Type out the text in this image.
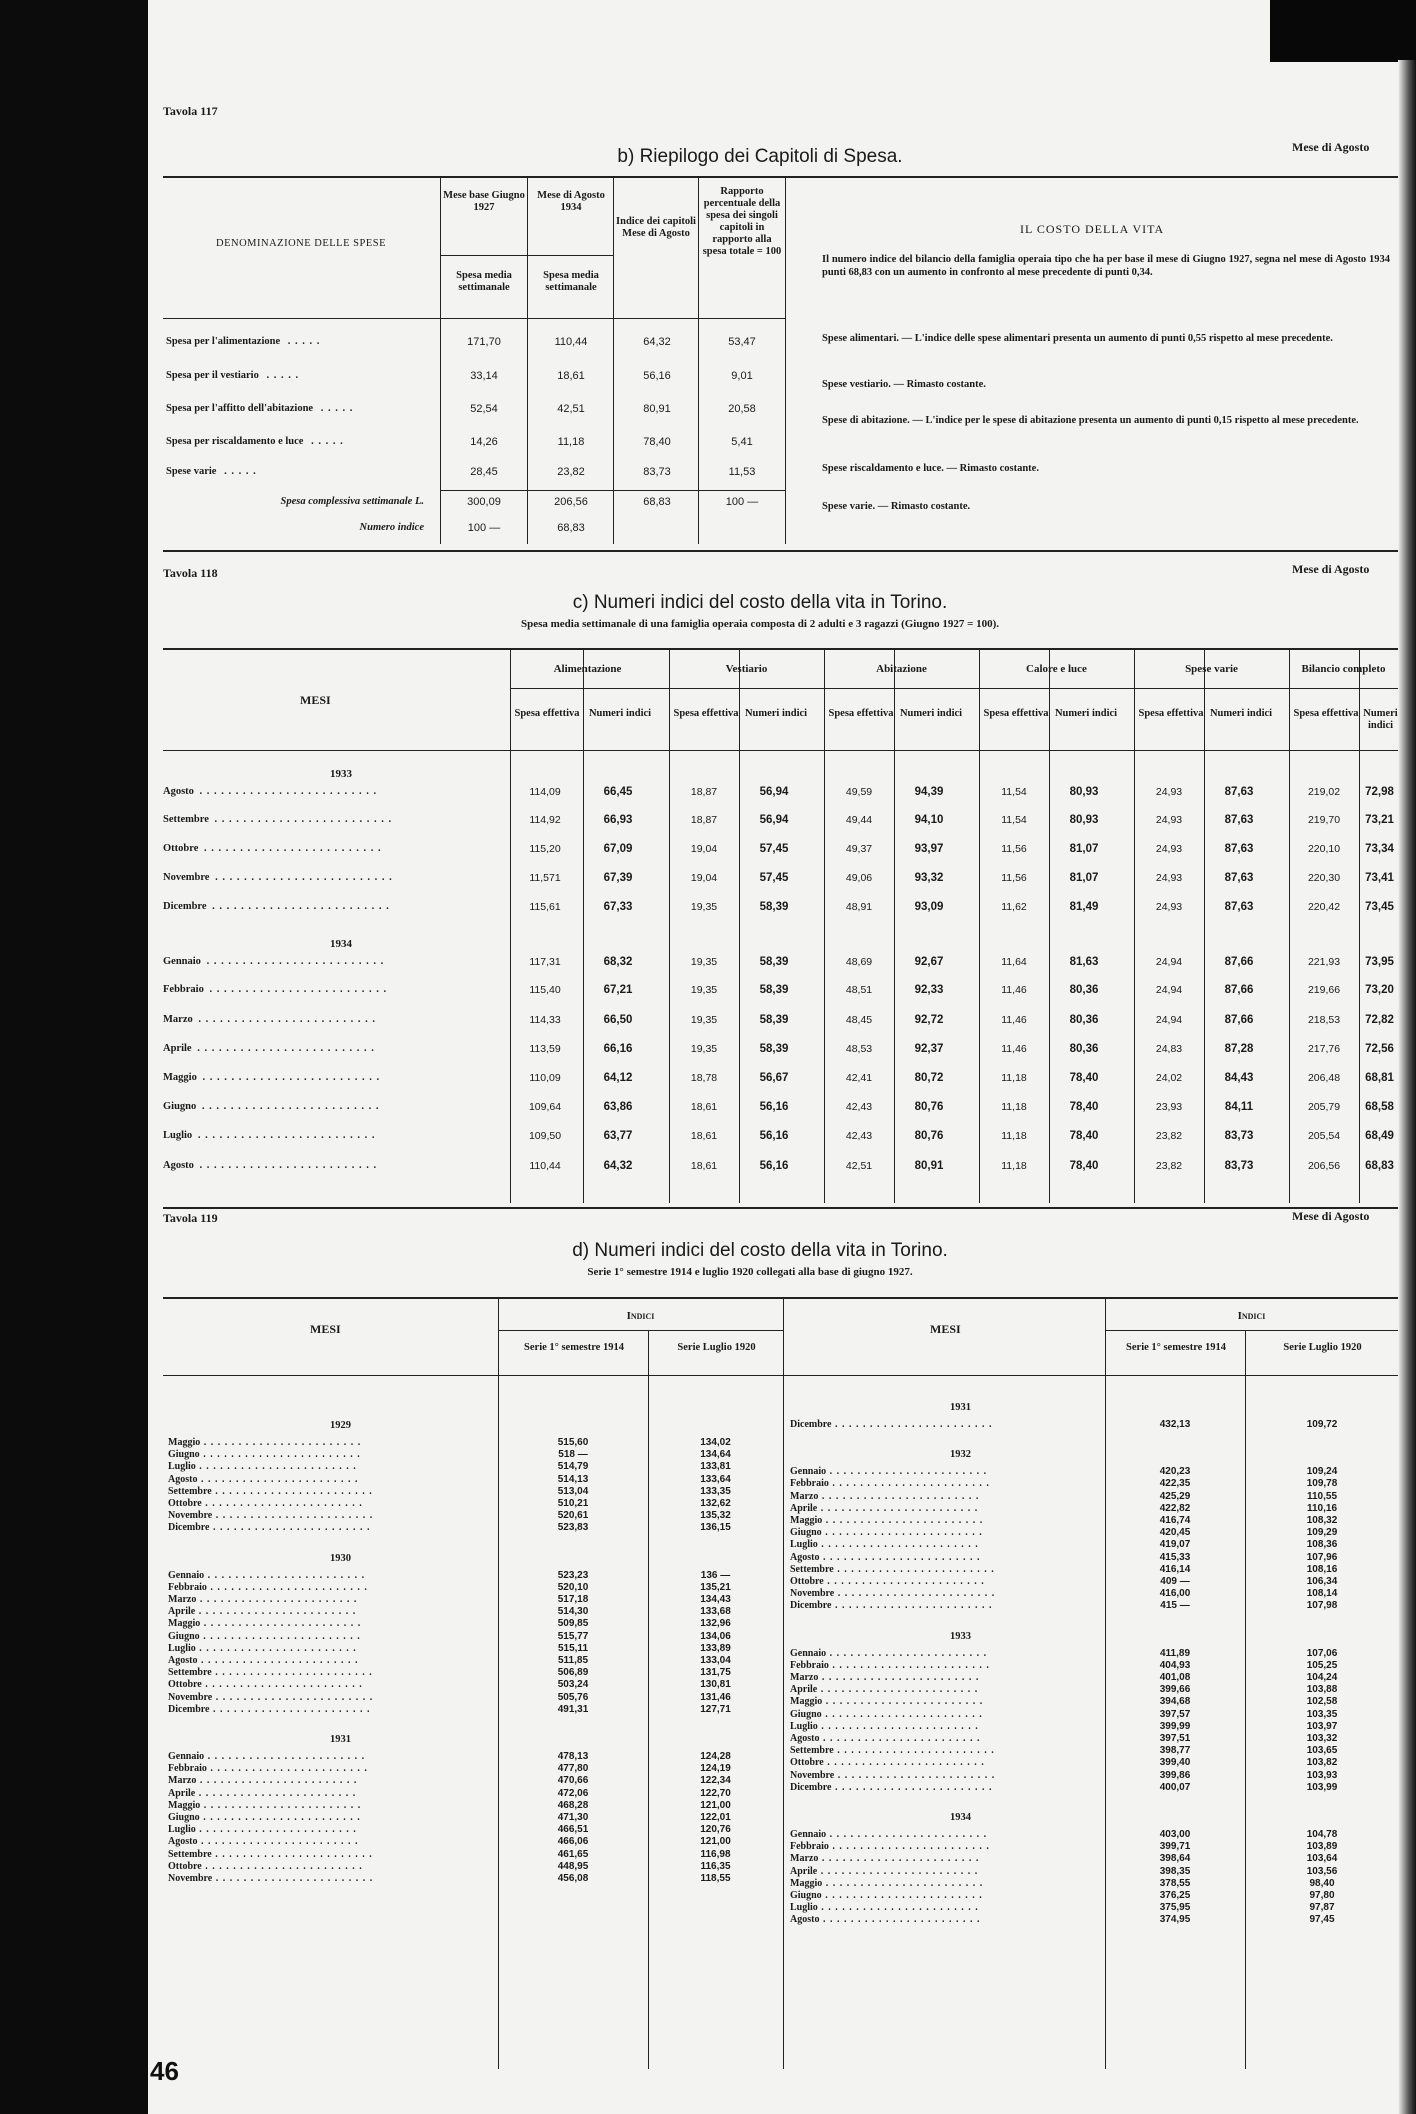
Tavola 117
Mese di Agosto
b) Riepilogo dei Capitoli di Spesa.
DENOMINAZIONE DELLE SPESE
Mese base Giugno 1927
Spesa media settimanale
Mese di Agosto 1934
Spesa media settimanale
Indice dei capitoli Mese di Agosto
Rapporto percentuale della spesa dei singoli capitoli in rapporto alla spesa totale = 100
Spesa per l'alimentazione . . . . .	171,70	110,44	64,32	53,47
Spesa per il vestiario . . . . .	33,14	18,61	56,16	9,01
Spesa per l'affitto dell'abitazione . . . . .	52,54	42,51	80,91	20,58
Spesa per riscaldamento e luce . . . . .	14,26	11,18	78,40	5,41
Spese varie . . . . .	28,45	23,82	83,73	11,53
Spesa complessiva settimanale L.	300,09	206,56	68,83	100 —
Numero indice	100 —	68,83
IL COSTO DELLA VITA
Il numero indice del bilancio della famiglia operaia tipo che ha per base il mese di Giugno 1927, segna nel mese di Agosto 1934 punti 68,83 con un aumento in confronto al mese precedente di punti 0,34.
Spese alimentari. — L'indice delle spese alimentari presenta un aumento di punti 0,55 rispetto al mese precedente.
Spese vestiario. — Rimasto costante.
Spese di abitazione. — L'indice per le spese di abitazione presenta un aumento di punti 0,15 rispetto al mese precedente.
Spese riscaldamento e luce. — Rimasto costante.
Spese varie. — Rimasto costante.
Tavola 118	Mese di Agosto
c) Numeri indici del costo della vita in Torino.
Spesa media settimanale di una famiglia operaia composta di 2 adulti e 3 ragazzi (Giugno 1927 = 100).
Alimentazione	Vestiario	Abitazione	Calore e luce	Spese varie	Bilancio completo
Spesa effettiva Numeri indici	Spesa effettiva Numeri indici	Spesa effettiva Numeri indici	Spesa effettiva Numeri indici	Spesa effettiva Numeri indici	Spesa effettiva Numeri indici
MESI
1933
1934
Agosto . . . . . . . . . . . . . . . . . . . . . . . . .	114,09	66,45	18,87	56,94	49,59	94,39	11,54	80,93	24,93	87,63	219,02	72,98
Settembre . . . . . . . . . . . . . . . . . . . . . . . . .	114,92	66,93	18,87	56,94	49,44	94,10	11,54	80,93	24,93	87,63	219,70	73,21
Ottobre . . . . . . . . . . . . . . . . . . . . . . . . .	115,20	67,09	19,04	57,45	49,37	93,97	11,56	81,07	24,93	87,63	220,10	73,34
Novembre . . . . . . . . . . . . . . . . . . . . . . . . .	11,571	67,39	19,04	57,45	49,06	93,32	11,56	81,07	24,93	87,63	220,30	73,41
Dicembre . . . . . . . . . . . . . . . . . . . . . . . . .	115,61	67,33	19,35	58,39	48,91	93,09	11,62	81,49	24,93	87,63	220,42	73,45
Gennaio . . . . . . . . . . . . . . . . . . . . . . . . .	117,31	68,32	19,35	58,39	48,69	92,67	11,64	81,63	24,94	87,66	221,93	73,95
Febbraio . . . . . . . . . . . . . . . . . . . . . . . . .	115,40	67,21	19,35	58,39	48,51	92,33	11,46	80,36	24,94	87,66	219,66	73,20
Marzo . . . . . . . . . . . . . . . . . . . . . . . . .	114,33	66,50	19,35	58,39	48,45	92,72	11,46	80,36	24,94	87,66	218,53	72,82
Aprile . . . . . . . . . . . . . . . . . . . . . . . . .	113,59	66,16	19,35	58,39	48,53	92,37	11,46	80,36	24,83	87,28	217,76	72,56
Maggio . . . . . . . . . . . . . . . . . . . . . . . . .	110,09	64,12	18,78	56,67	42,41	80,72	11,18	78,40	24,02	84,43	206,48	68,81
Giugno . . . . . . . . . . . . . . . . . . . . . . . . .	109,64	63,86	18,61	56,16	42,43	80,76	11,18	78,40	23,93	84,11	205,79	68,58
Luglio . . . . . . . . . . . . . . . . . . . . . . . . .	109,50	63,77	18,61	56,16	42,43	80,76	11,18	78,40	23,82	83,73	205,54	68,49
Agosto . . . . . . . . . . . . . . . . . . . . . . . . .	110,44	64,32	18,61	56,16	42,51	80,91	11,18	78,40	23,82	83,73	206,56	68,83
Tavola 119	Mese di Agosto
d) Numeri indici del costo della vita in Torino.
Serie 1° semestre 1914 e luglio 1920 collegati alla base di giugno 1927.
MESI	MESI
Indici	Indici
Serie 1° semestre 1914	Serie Luglio 1920	Serie 1° semestre 1914	Serie Luglio 1920
1929
Maggio . . . . . . . . . . . . . . . . . . . . . . .	515,60	134,02
Giugno . . . . . . . . . . . . . . . . . . . . . . .	518 —	134,64
Luglio . . . . . . . . . . . . . . . . . . . . . . .	514,79	133,81
Agosto . . . . . . . . . . . . . . . . . . . . . . .	514,13	133,64
Settembre . . . . . . . . . . . . . . . . . . . . . . .	513,04	133,35
Ottobre . . . . . . . . . . . . . . . . . . . . . . .	510,21	132,62
Novembre . . . . . . . . . . . . . . . . . . . . . . .	520,61	135,32
Dicembre . . . . . . . . . . . . . . . . . . . . . . .	523,83	136,15
1930
Gennaio . . . . . . . . . . . . . . . . . . . . . . .	523,23	136 —
Febbraio . . . . . . . . . . . . . . . . . . . . . . .	520,10	135,21
Marzo . . . . . . . . . . . . . . . . . . . . . . .	517,18	134,43
Aprile . . . . . . . . . . . . . . . . . . . . . . .	514,30	133,68
Maggio . . . . . . . . . . . . . . . . . . . . . . .	509,85	132,96
Giugno . . . . . . . . . . . . . . . . . . . . . . .	515,77	134,06
Luglio . . . . . . . . . . . . . . . . . . . . . . .	515,11	133,89
Agosto . . . . . . . . . . . . . . . . . . . . . . .	511,85	133,04
Settembre . . . . . . . . . . . . . . . . . . . . . . .	506,89	131,75
Ottobre . . . . . . . . . . . . . . . . . . . . . . .	503,24	130,81
Novembre . . . . . . . . . . . . . . . . . . . . . . .	505,76	131,46
Dicembre . . . . . . . . . . . . . . . . . . . . . . .	491,31	127,71
1931
Gennaio . . . . . . . . . . . . . . . . . . . . . . .	478,13	124,28
Febbraio . . . . . . . . . . . . . . . . . . . . . . .	477,80	124,19
Marzo . . . . . . . . . . . . . . . . . . . . . . .	470,66	122,34
Aprile . . . . . . . . . . . . . . . . . . . . . . .	472,06	122,70
Maggio . . . . . . . . . . . . . . . . . . . . . . .	468,28	121,00
Giugno . . . . . . . . . . . . . . . . . . . . . . .	471,30	122,01
Luglio . . . . . . . . . . . . . . . . . . . . . . .	466,51	120,76
Agosto . . . . . . . . . . . . . . . . . . . . . . .	466,06	121,00
Settembre . . . . . . . . . . . . . . . . . . . . . . .	461,65	116,98
Ottobre . . . . . . . . . . . . . . . . . . . . . . .	448,95	116,35
Novembre . . . . . . . . . . . . . . . . . . . . . . .	456,08	118,55
1931
Dicembre . . . . . . . . . . . . . . . . . . . . . . .	432,13	109,72
1932
Gennaio . . . . . . . . . . . . . . . . . . . . . . .	420,23	109,24
Febbraio . . . . . . . . . . . . . . . . . . . . . . .	422,35	109,78
Marzo . . . . . . . . . . . . . . . . . . . . . . .	425,29	110,55
Aprile . . . . . . . . . . . . . . . . . . . . . . .	422,82	110,16
Maggio . . . . . . . . . . . . . . . . . . . . . . .	416,74	108,32
Giugno . . . . . . . . . . . . . . . . . . . . . . .	420,45	109,29
Luglio . . . . . . . . . . . . . . . . . . . . . . .	419,07	108,36
Agosto . . . . . . . . . . . . . . . . . . . . . . .	415,33	107,96
Settembre . . . . . . . . . . . . . . . . . . . . . . .	416,14	108,16
Ottobre . . . . . . . . . . . . . . . . . . . . . . .	409 —	106,34
Novembre . . . . . . . . . . . . . . . . . . . . . . .	416,00	108,14
Dicembre . . . . . . . . . . . . . . . . . . . . . . .	415 —	107,98
1933
Gennaio . . . . . . . . . . . . . . . . . . . . . . .	411,89	107,06
Febbraio . . . . . . . . . . . . . . . . . . . . . . .	404,93	105,25
Marzo . . . . . . . . . . . . . . . . . . . . . . .	401,08	104,24
Aprile . . . . . . . . . . . . . . . . . . . . . . .	399,66	103,88
Maggio . . . . . . . . . . . . . . . . . . . . . . .	394,68	102,58
Giugno . . . . . . . . . . . . . . . . . . . . . . .	397,57	103,35
Luglio . . . . . . . . . . . . . . . . . . . . . . .	399,99	103,97
Agosto . . . . . . . . . . . . . . . . . . . . . . .	397,51	103,32
Settembre . . . . . . . . . . . . . . . . . . . . . . .	398,77	103,65
Ottobre . . . . . . . . . . . . . . . . . . . . . . .	399,40	103,82
Novembre . . . . . . . . . . . . . . . . . . . . . . .	399,86	103,93
Dicembre . . . . . . . . . . . . . . . . . . . . . . .	400,07	103,99
1934
Gennaio . . . . . . . . . . . . . . . . . . . . . . .	403,00	104,78
Febbraio . . . . . . . . . . . . . . . . . . . . . . .	399,71	103,89
Marzo . . . . . . . . . . . . . . . . . . . . . . .	398,64	103,64
Aprile . . . . . . . . . . . . . . . . . . . . . . .	398,35	103,56
Maggio . . . . . . . . . . . . . . . . . . . . . . .	378,55	98,40
Giugno . . . . . . . . . . . . . . . . . . . . . . .	376,25	97,80
Luglio . . . . . . . . . . . . . . . . . . . . . . .	375,95	97,87
Agosto . . . . . . . . . . . . . . . . . . . . . . .	374,95	97,45
46
